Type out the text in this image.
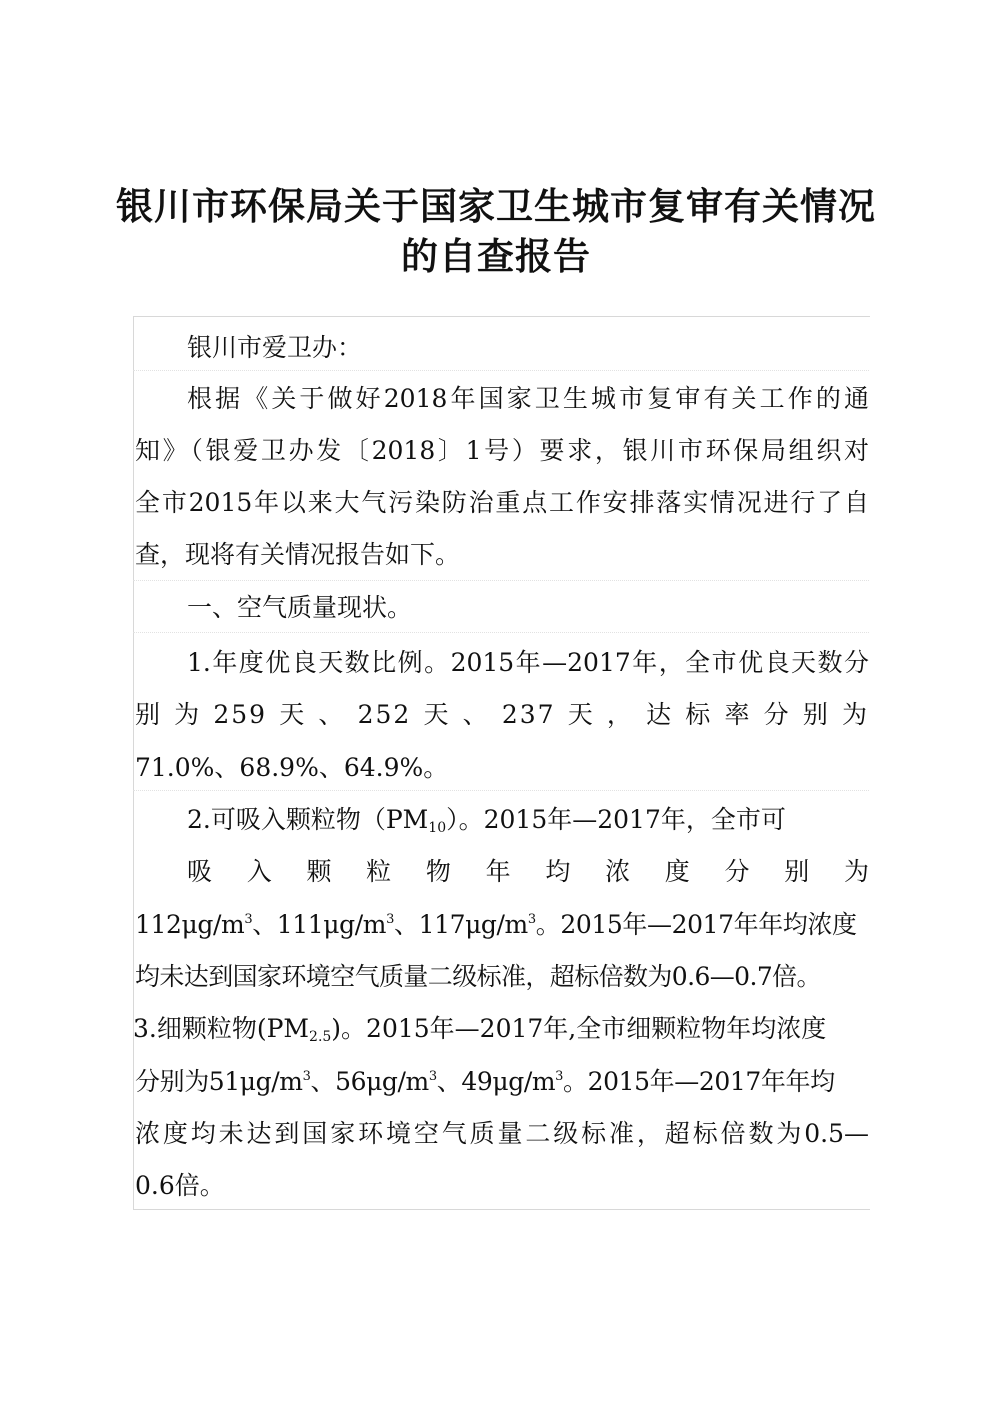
银川市环保局关于国家卫生城市复审有关情况
的自查报告

银川市爱卫办：

根据《关于做好2018年国家卫生城市复审有关工作的通

知》（银爱卫办发〔2018〕1号）要求，银川市环保局组织对

全市2015年以来大气污染防治重点工作安排落实情况进行了自

查，现将有关情况报告如下。

一、空气质量现状。

1.年度优良天数比例。2015年—2017年，全市优良天数分

别为259天、252天、237天，达标率分别为

71.0%、68.9%、64.9%。

2.可吸入颗粒物$(PM_{10})$。2015年—2017年，全市可

吸入颗粒物年均浓度分别为

$112\mu g/m^3$、$111\mu g/m^3$、$117\mu g/m^3$。2015年—2017年年均浓度

均未达到国家环境空气质量二级标准，超标倍数为0.6—0.7倍。

3.细颗粒物$(PM_{2.5})$。2015年—2017年,全市细颗粒物年均浓度

分别为$51\mu g/m^3$、$56\mu g/m^3$、$49\mu g/m^3$。2015年—2017年年均

浓度均未达到国家环境空气质量二级标准，超标倍数为0.5—

0.6倍。
